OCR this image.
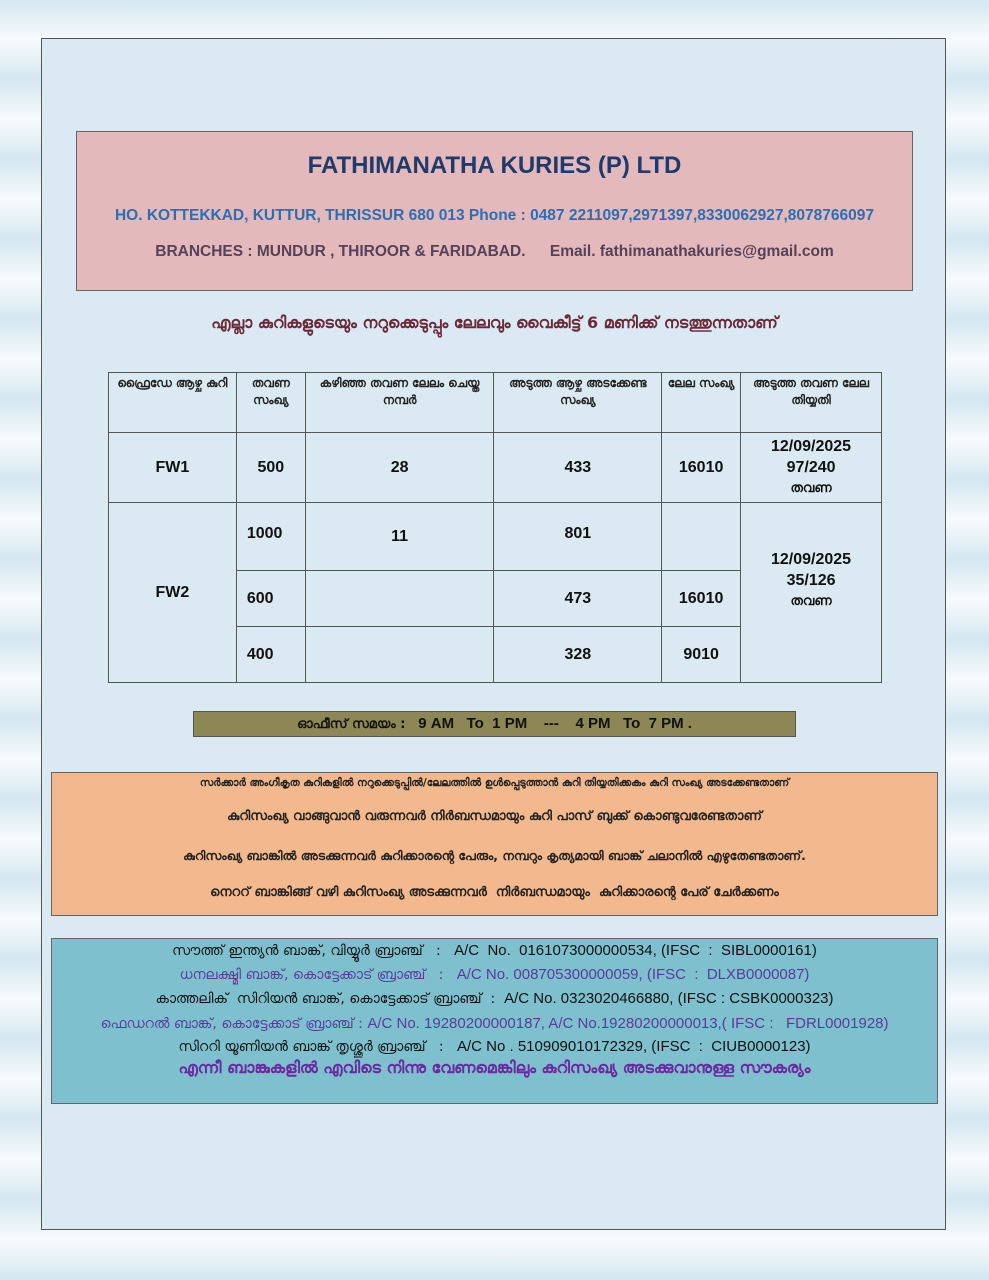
FATHIMANATHA KURIES (P) LTD
HO. KOTTEKKAD, KUTTUR, THRISSUR 680 013 Phone : 0487 2211097,2971397,8330062927,8078766097
BRANCHES : MUNDUR , THIROOR & FARIDABAD. Email. fathimanathakuries@gmail.com
എല്ലാ കുറികളുടെയും നറുക്കെടുപ്പും ലേലവും വൈകീട്ട് 6 മണിക്ക് നടത്തുന്നതാണ്
ഫ്രൈഡേ ആഴ്ച കുറി	തവണ സംഖ്യ	കഴിഞ്ഞ തവണ ലേലം ചെയ്ത നമ്പർ	അടുത്ത ആഴ്ച അടക്കേണ്ട സംഖ്യ	ലേല സംഖ്യ	അടുത്ത തവണ ലേല തിയ്യതി
FW1	500	28	433	16010	12/09/2025
97/240
തവണ

FW2	1000	11	801		12/09/2025
35/126
തവണ

	600		473	16010	
	400		328	9010	
ഓഫീസ് സമയം : 9 AM   To  1 PM    ---    4 PM   To  7 PM .
സർക്കാർ അംഗീകൃത കുറികളിൽ നറുക്കെടുപ്പിൽ/ലേലത്തിൽ ഉൾപ്പെടുത്താൻ കുറി തിയ്യതിക്കകം കുറി സംഖ്യ അടക്കേണ്ടതാണ്
കുറിസംഖ്യ വാങ്ങുവാൻ വരുന്നവർ നിർബന്ധമായും കുറി പാസ് ബുക്ക് കൊണ്ടുവരേണ്ടതാണ്
കുറിസംഖ്യ ബാങ്കിൽ അടക്കുന്നവർ കുറിക്കാരന്റെ പേരും, നമ്പറും കൃത്യമായി ബാങ്ക് ചലാനിൽ എഴുതേണ്ടതാണ്.
നെററ് ബാങ്കിങ്ങ് വഴി കുറിസംഖ്യ അടക്കുന്നവർ  നിർബന്ധമായും  കുറിക്കാരന്റെ പേര് ചേർക്കണം
എന്നീ ബാങ്കുകളിൽ എവിടെ നിന്നു വേണമെങ്കിലും കുറിസംഖ്യ അടക്കുവാനുള്ള സൗകര്യം
സൗത്ത് ഇന്ത്യൻ ബാങ്ക്, വിയ്യൂർ ബ്രാഞ്ച്   :   A/C  No.  0161073000000534, (IFSC  :  SIBL0000161)
ധനലക്ഷ്മി ബാങ്ക്, കൊട്ടേക്കാട് ബ്രാഞ്ച്   :   A/C No. 008705300000059, (IFSC  :  DLXB0000087)
കാത്തലിക്  സിറിയൻ ബാങ്ക്, കൊട്ടേക്കാട് ബ്രാഞ്ച്  :  A/C No. 0323020466880, (IFSC : CSBK0000323)
ഫെഡറൽ ബാങ്ക്, കൊട്ടേക്കാട് ബ്രാഞ്ച് : A/C No. 19280200000187, A/C No.19280200000013,( IFSC :   FDRL0001928)
സിററി യൂണിയൻ ബാങ്ക് തൃശ്ശൂർ ബ്രാഞ്ച്   :   A/C No . 510909010172329, (IFSC  :  CIUB0000123)
